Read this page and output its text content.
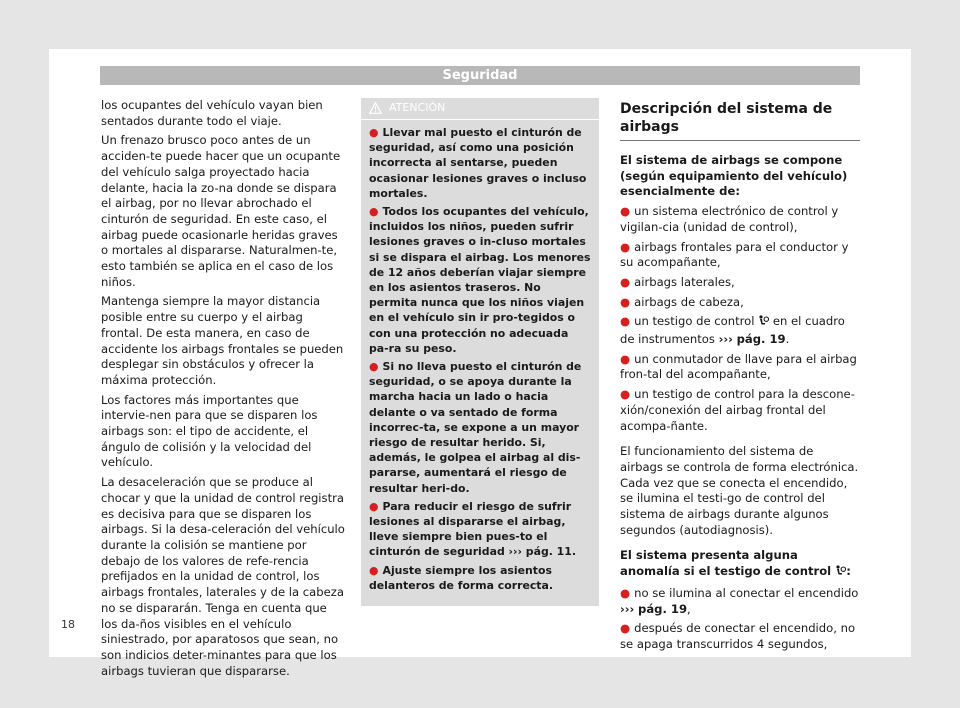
Seguridad

los ocupantes del vehículo vayan bien sentados durante todo el viaje.

Un frenazo brusco poco antes de un acciden-te puede hacer que un ocupante del vehículo salga proyectado hacia delante, hacia la zo-na donde se dispara el airbag, por no llevar abrochado el cinturón de seguridad. En este caso, el airbag puede ocasionarle heridas graves o mortales al dispararse. Naturalmen-te, esto también se aplica en el caso de los niños.

Mantenga siempre la mayor distancia posible entre su cuerpo y el airbag frontal. De esta manera, en caso de accidente los airbags frontales se pueden desplegar sin obstáculos y ofrecer la máxima protección.

Los factores más importantes que intervie-nen para que se disparen los airbags son: el tipo de accidente, el ángulo de colisión y la velocidad del vehículo.

La desaceleración que se produce al chocar y que la unidad de control registra es decisiva para que se disparen los airbags. Si la desa-celeración del vehículo durante la colisión se mantiene por debajo de los valores de refe-rencia prefijados en la unidad de control, los airbags frontales, laterales y de la cabeza no se dispararán. Tenga en cuenta que los da-ños visibles en el vehículo siniestrado, por aparatosos que sean, no son indicios deter-minantes para que los airbags tuvieran que dispararse.

ATENCIÓN

● Llevar mal puesto el cinturón de seguridad, así como una posición incorrecta al sentarse, pueden ocasionar lesiones graves o incluso mortales.

● Todos los ocupantes del vehículo, incluidos los niños, pueden sufrir lesiones graves o in-cluso mortales si se dispara el airbag. Los menores de 12 años deberían viajar siempre en los asientos traseros. No permita nunca que los niños viajen en el vehículo sin ir pro-tegidos o con una protección no adecuada pa-ra su peso.

● Si no lleva puesto el cinturón de seguridad, o se apoya durante la marcha hacia un lado o hacia delante o va sentado de forma incorrec-ta, se expone a un mayor riesgo de resultar herido. Si, además, le golpea el airbag al dis-pararse, aumentará el riesgo de resultar heri-do.

● Para reducir el riesgo de sufrir lesiones al dispararse el airbag, lleve siempre bien pues-to el cinturón de seguridad ››› pág. 11.

● Ajuste siempre los asientos delanteros de forma correcta.

Descripción del sistema de airbags

El sistema de airbags se compone (según equipamiento del vehículo) esencialmente de:

● un sistema electrónico de control y vigilan-cia (unidad de control),

● airbags frontales para el conductor y su acompañante,

● airbags laterales,

● airbags de cabeza,

● un testigo de control en el cuadro de instrumentos ››› pág. 19.

● un conmutador de llave para el airbag fron-tal del acompañante,

● un testigo de control para la descone-xión/conexión del airbag frontal del acompa-ñante.

El funcionamiento del sistema de airbags se controla de forma electrónica. Cada vez que se conecta el encendido, se ilumina el testi-go de control del sistema de airbags durante algunos segundos (autodiagnosis).

El sistema presenta alguna anomalía si el testigo de control :

● no se ilumina al conectar el encendido ››› pág. 19,

● después de conectar el encendido, no se apaga transcurridos 4 segundos,

18
